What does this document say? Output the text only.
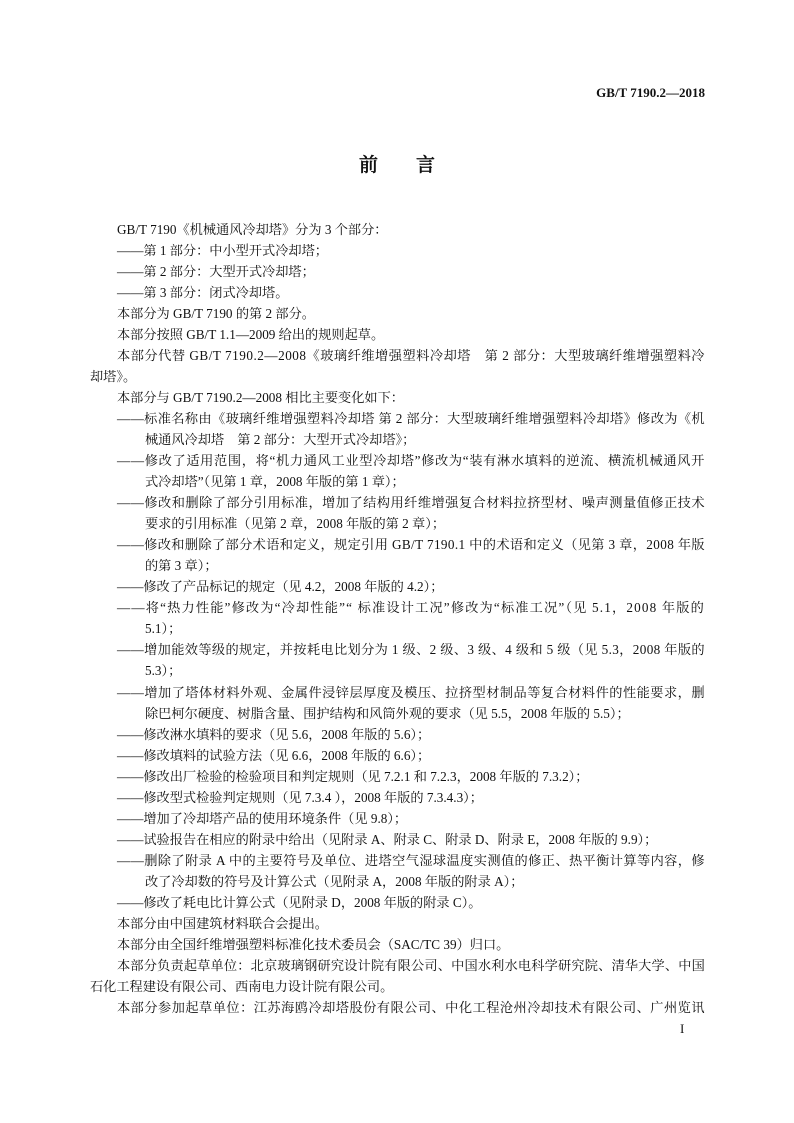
GB/T 7190.2—2018
前　　言
GB/T 7190《机械通风冷却塔》分为 3 个部分：
——第 1 部分：中小型开式冷却塔；
——第 2 部分：大型开式冷却塔；
——第 3 部分：闭式冷却塔。
本部分为 GB/T 7190 的第 2 部分。
本部分按照 GB/T 1.1—2009 给出的规则起草。
本部分代替 GB/T 7190.2—2008《玻璃纤维增强塑料冷却塔　第 2 部分：大型玻璃纤维增强塑料冷
却塔》。
本部分与 GB/T 7190.2—2008 相比主要变化如下：
——标准名称由《玻璃纤维增强塑料冷却塔 第 2 部分：大型玻璃纤维增强塑料冷却塔》修改为《机
械通风冷却塔　第 2 部分：大型开式冷却塔》；
——修改了适用范围，将“机力通风工业型冷却塔”修改为“装有淋水填料的逆流、横流机械通风开
式冷却塔”（见第 1 章，2008 年版的第 1 章）；
——修改和删除了部分引用标准，增加了结构用纤维增强复合材料拉挤型材、噪声测量值修正技术
要求的引用标准（见第 2 章，2008 年版的第 2 章）；
——修改和删除了部分术语和定义，规定引用 GB/T 7190.1 中的术语和定义（见第 3 章，2008 年版
的第 3 章）；
——修改了产品标记的规定（见 4.2，2008 年版的 4.2）；
——将“热力性能”修改为“冷却性能”“ 标准设计工况”修改为“标准工况”（见 5.1，2008 年版的
5.1）；
——增加能效等级的规定，并按耗电比划分为 1 级、2 级、3 级、4 级和 5 级（见 5.3，2008 年版的
5.3）；
——增加了塔体材料外观、金属件浸锌层厚度及模压、拉挤型材制品等复合材料件的性能要求，删
除巴柯尔硬度、树脂含量、围护结构和风筒外观的要求（见 5.5，2008 年版的 5.5）；
——修改淋水填料的要求（见 5.6，2008 年版的 5.6）；
——修改填料的试验方法（见 6.6，2008 年版的 6.6）；
——修改出厂检验的检验项目和判定规则（见 7.2.1 和 7.2.3，2008 年版的 7.3.2）；
——修改型式检验判定规则（见 7.3.4 ），2008 年版的 7.3.4.3）；
——增加了冷却塔产品的使用环境条件（见 9.8）；
——试验报告在相应的附录中给出（见附录 A、附录 C、附录 D、附录 E，2008 年版的 9.9）；
——删除了附录 A 中的主要符号及单位、进塔空气湿球温度实测值的修正、热平衡计算等内容，修
改了冷却数的符号及计算公式（见附录 A，2008 年版的附录 A）；
——修改了耗电比计算公式（见附录 D，2008 年版的附录 C）。
本部分由中国建筑材料联合会提出。
本部分由全国纤维增强塑料标准化技术委员会（SAC/TC 39）归口。
本部分负责起草单位：北京玻璃钢研究设计院有限公司、中国水利水电科学研究院、清华大学、中国
石化工程建设有限公司、西南电力设计院有限公司。
本部分参加起草单位：江苏海鸥冷却塔股份有限公司、中化工程沧州冷却技术有限公司、广州览讯
I
